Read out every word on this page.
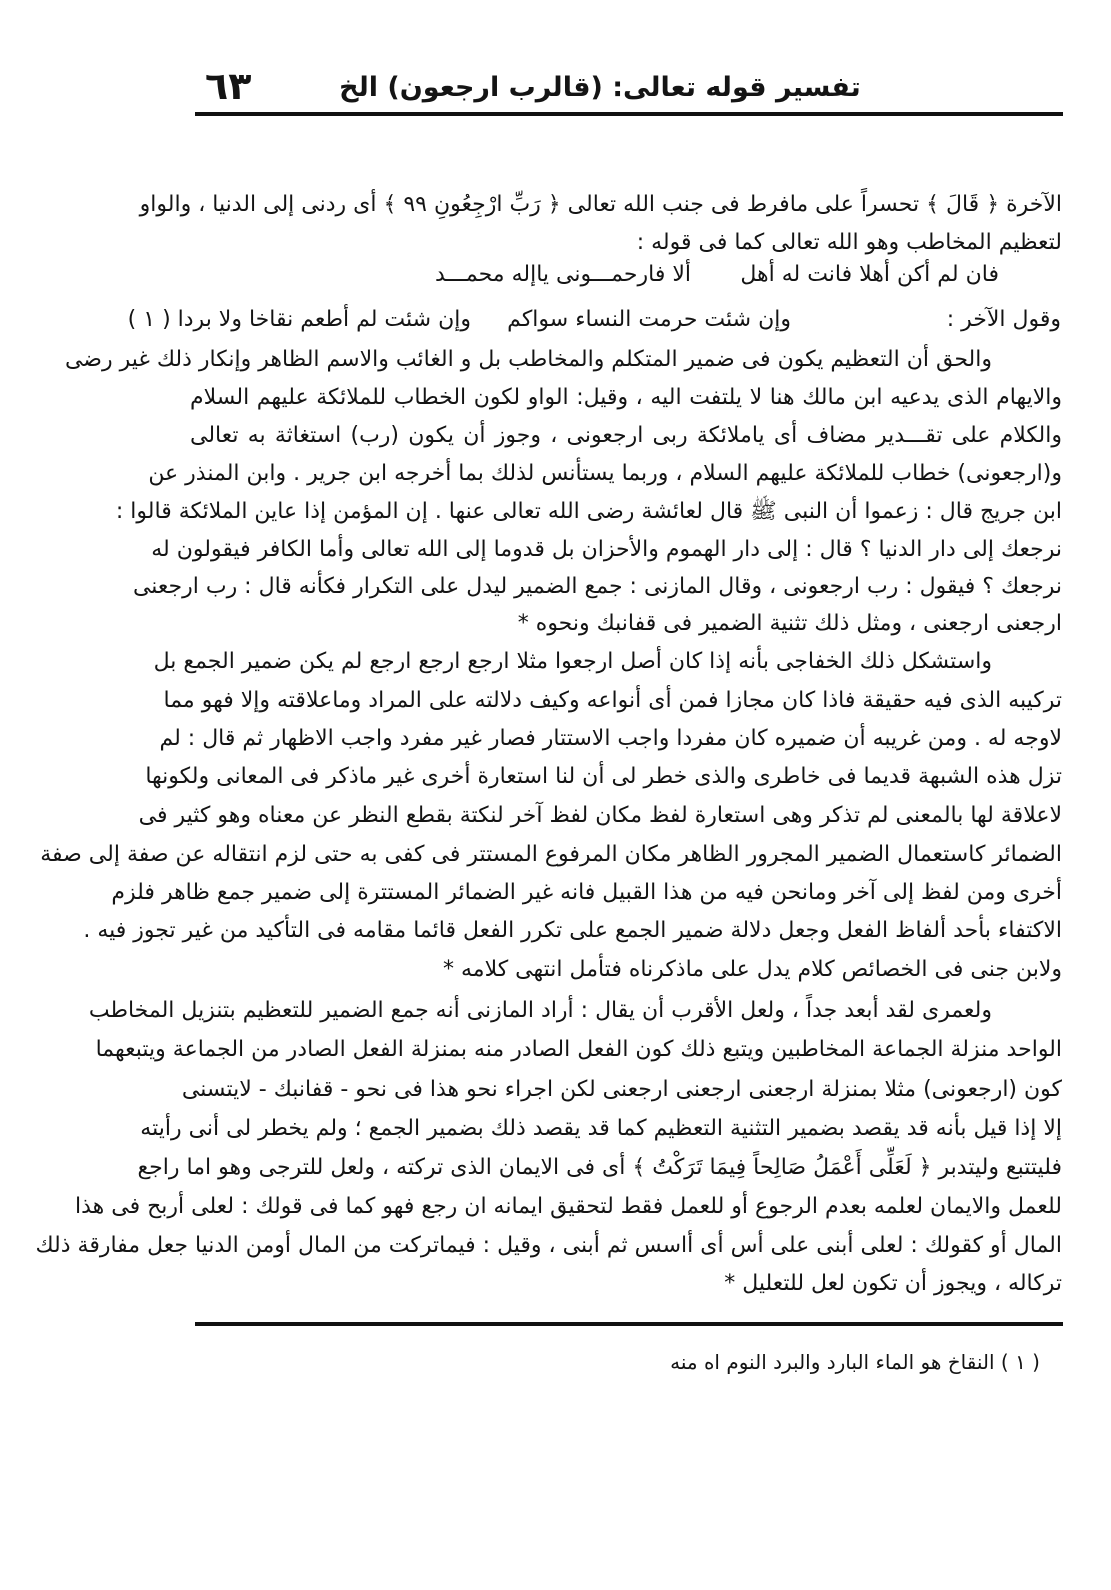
٦٣	تفسير قوله تعالى: (قالرب ارجعون) الخ
الآخرة ﴿ قَالَ ﴾ تحسراً على مافرط فى جنب الله تعالى ﴿ رَبِّ ارْجِعُونِ ٩٩ ﴾ أى ردنى إلى الدنيا ، والواو
لتعظيم المخاطب وهو الله تعالى كما فى قوله :
والحق أن التعظيم يكون فى ضمير المتكلم والمخاطب بل و الغائب والاسم الظاهر وإنكار ذلك غير رضى
والايهام الذى يدعيه ابن مالك هنا لا يلتفت اليه ، وقيل: الواو لكون الخطاب للملائكة عليهم السلام
والكلام على تقـــدير مضاف أى ياملائكة ربى ارجعونى ، وجوز أن يكون (رب) استغاثة به تعالى
و(ارجعونى) خطاب للملائكة عليهم السلام ، وربما يستأنس لذلك بما أخرجه ابن جرير . وابن المنذر عن
ابن جريج قال : زعموا أن النبى ﷺ قال لعائشة رضى الله تعالى عنها . إن المؤمن إذا عاين الملائكة قالوا :
نرجعك إلى دار الدنيا ؟ قال : إلى دار الهموم والأحزان بل قدوما إلى الله تعالى وأما الكافر فيقولون له
نرجعك ؟ فيقول : رب ارجعونى ، وقال المازنى : جمع الضمير ليدل على التكرار فكأنه قال : رب ارجعنى
ارجعنى ارجعنى ، ومثل ذلك تثنية الضمير فى قفانبك ونحوه *
واستشكل ذلك الخفاجى بأنه إذا كان أصل ارجعوا مثلا ارجع ارجع ارجع لم يكن ضمير الجمع بل
تركيبه الذى فيه حقيقة فاذا كان مجازا فمن أى أنواعه وكيف دلالته على المراد وماعلاقته وإلا فهو مما
لاوجه له . ومن غريبه أن ضميره كان مفردا واجب الاستتار فصار غير مفرد واجب الاظهار ثم قال : لم
تزل هذه الشبهة قديما فى خاطرى والذى خطر لى أن لنا استعارة أخرى غير ماذكر فى المعانى ولكونها
لاعلاقة لها بالمعنى لم تذكر وهى استعارة لفظ مكان لفظ آخر لنكتة بقطع النظر عن معناه وهو كثير فى
الضمائر كاستعمال الضمير المجرور الظاهر مكان المرفوع المستتر فى كفى به حتى لزم انتقاله عن صفة إلى صفة
أخرى ومن لفظ إلى آخر ومانحن فيه من هذا القبيل فانه غير الضمائر المستترة إلى ضمير جمع ظاهر فلزم
الاكتفاء بأحد ألفاظ الفعل وجعل دلالة ضمير الجمع على تكرر الفعل قائما مقامه فى التأكيد من غير تجوز فيه .
ولابن جنى فى الخصائص كلام يدل على ماذكرناه فتأمل انتهى كلامه *
ولعمرى لقد أبعد جداً ، ولعل الأقرب أن يقال : أراد المازنى أنه جمع الضمير للتعظيم بتنزيل المخاطب
الواحد منزلة الجماعة المخاطبين ويتبع ذلك كون الفعل الصادر منه بمنزلة الفعل الصادر من الجماعة ويتبعهما
كون (ارجعونى) مثلا بمنزلة ارجعنى ارجعنى ارجعنى لكن اجراء نحو هذا فى نحو - قفانبك - لايتسنى
إلا إذا قيل بأنه قد يقصد بضمير التثنية التعظيم كما قد يقصد ذلك بضمير الجمع ؛ ولم يخطر لى أنى رأيته
فليتتبع وليتدبر ﴿ لَعَلِّى أَعْمَلُ صَالِحاً فِيمَا تَرَكْتُ ﴾ أى فى الايمان الذى تركته ، ولعل للترجى وهو اما راجع
للعمل والايمان لعلمه بعدم الرجوع أو للعمل فقط لتحقيق ايمانه ان رجع فهو كما فى قولك : لعلى أربح فى هذا
المال أو كقولك : لعلى أبنى على أس أى أاسس ثم أبنى ، وقيل : فيماتركت من المال أومن الدنيا جعل مفارقة ذلك
تركاله ، ويجوز أن تكون لعل للتعليل *
ألا فارحمـــونى ياإله محمـــد فان لم أكن أهلا فانت له أهل
وقول الآخر :
وإن شئت حرمت النساء سواكم
وإن شئت لم أطعم نقاخا ولا بردا ( ١ )
( ١ ) النقاخ هو الماء البارد والبرد النوم اه منه
